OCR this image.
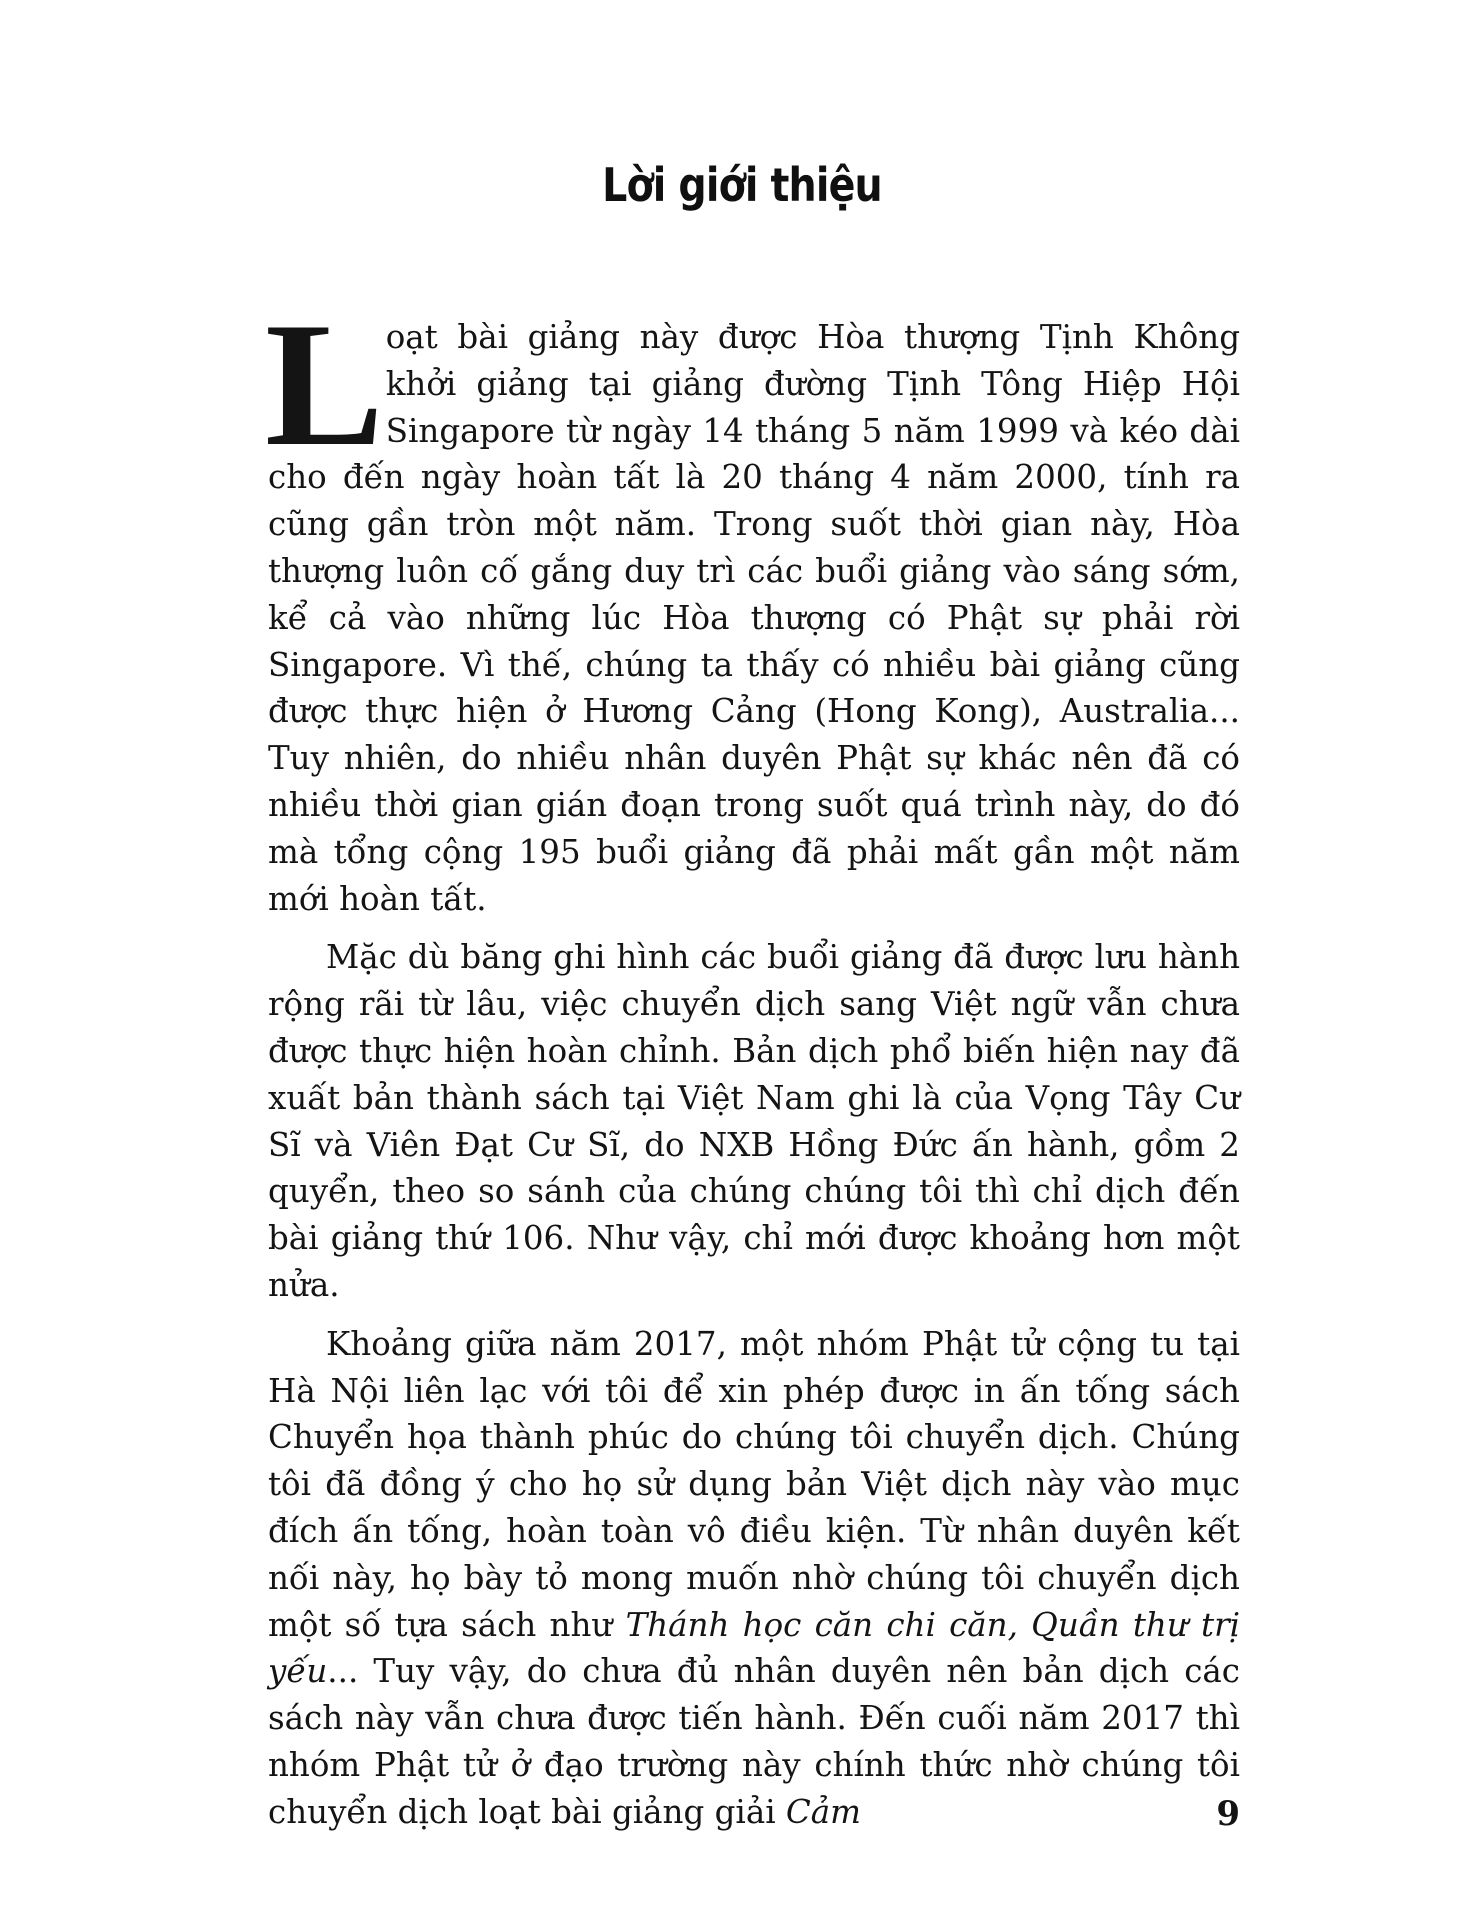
Lời giới thiệu

Loạt bài giảng này được Hòa thượng Tịnh Không khởi giảng tại giảng đường Tịnh Tông Hiệp Hội Singapore từ ngày 14 tháng 5 năm 1999 và kéo dài cho đến ngày hoàn tất là 20 tháng 4 năm 2000, tính ra cũng gần tròn một năm. Trong suốt thời gian này, Hòa thượng luôn cố gắng duy trì các buổi giảng vào sáng sớm, kể cả vào những lúc Hòa thượng có Phật sự phải rời Singapore. Vì thế, chúng ta thấy có nhiều bài giảng cũng được thực hiện ở Hương Cảng (Hong Kong), Australia... Tuy nhiên, do nhiều nhân duyên Phật sự khác nên đã có nhiều thời gian gián đoạn trong suốt quá trình này, do đó mà tổng cộng 195 buổi giảng đã phải mất gần một năm mới hoàn tất.

Mặc dù băng ghi hình các buổi giảng đã được lưu hành rộng rãi từ lâu, việc chuyển dịch sang Việt ngữ vẫn chưa được thực hiện hoàn chỉnh. Bản dịch phổ biến hiện nay đã xuất bản thành sách tại Việt Nam ghi là của Vọng Tây Cư Sĩ và Viên Đạt Cư Sĩ, do NXB Hồng Đức ấn hành, gồm 2 quyển, theo so sánh của chúng chúng tôi thì chỉ dịch đến bài giảng thứ 106. Như vậy, chỉ mới được khoảng hơn một nửa.

Khoảng giữa năm 2017, một nhóm Phật tử cộng tu tại Hà Nội liên lạc với tôi để xin phép được in ấn tống sách Chuyển họa thành phúc do chúng tôi chuyển dịch. Chúng tôi đã đồng ý cho họ sử dụng bản Việt dịch này vào mục đích ấn tống, hoàn toàn vô điều kiện. Từ nhân duyên kết nối này, họ bày tỏ mong muốn nhờ chúng tôi chuyển dịch một số tựa sách như Thánh học căn chi căn, Quần thư trị yếu... Tuy vậy, do chưa đủ nhân duyên nên bản dịch các sách này vẫn chưa được tiến hành. Đến cuối năm 2017 thì nhóm Phật tử ở đạo trường này chính thức nhờ chúng tôi chuyển dịch loạt bài giảng giải Cảm	9
